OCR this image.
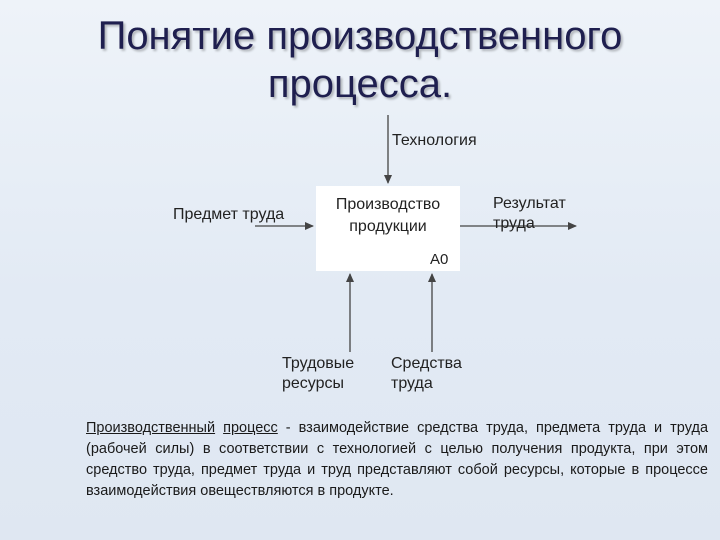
Понятие производственного
процесса.
Производство продукции
A0
Технология
Предмет труда
Результат труда
Трудовые ресурсы
Средства труда
Производственный процесс - взаимодействие средства труда, предмета труда и труда (рабочей силы) в соответствии с технологией с целью получения продукта, при этом средство труда, предмет труда и труд представляют собой ресурсы, которые в процессе взаимодействия овеществляются в продукте.
